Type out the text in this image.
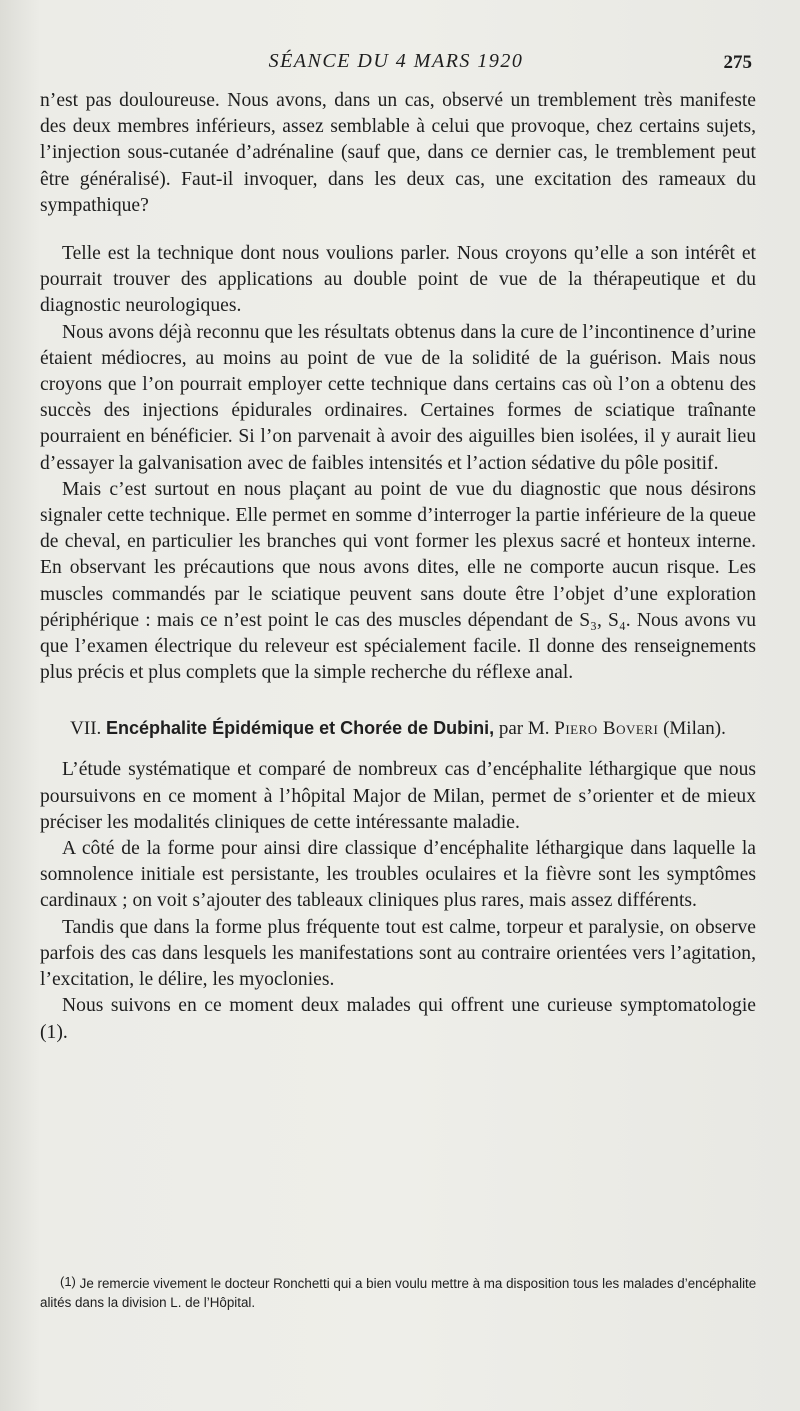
SÉANCE DU 4 MARS 1920	275

n’est pas douloureuse. Nous avons, dans un cas, observé un tremblement très manifeste des deux membres inférieurs, assez semblable à celui que provoque, chez certains sujets, l’injection sous-cutanée d’adrénaline (sauf que, dans ce dernier cas, le tremblement peut être généralisé). Faut-il invoquer, dans les deux cas, une excitation des rameaux du sympathique?

Telle est la technique dont nous voulions parler. Nous croyons qu’elle a son intérêt et pourrait trouver des applications au double point de vue de la thérapeutique et du diagnostic neurologiques.

Nous avons déjà reconnu que les résultats obtenus dans la cure de l’incontinence d’urine étaient médiocres, au moins au point de vue de la solidité de la guérison. Mais nous croyons que l’on pourrait employer cette technique dans certains cas où l’on a obtenu des succès des injections épidurales ordinaires. Certaines formes de sciatique traînante pourraient en bénéficier. Si l’on parvenait à avoir des aiguilles bien isolées, il y aurait lieu d’essayer la galvanisation avec de faibles intensités et l’action sédative du pôle positif.

Mais c’est surtout en nous plaçant au point de vue du diagnostic que nous désirons signaler cette technique. Elle permet en somme d’interroger la partie inférieure de la queue de cheval, en particulier les branches qui vont former les plexus sacré et honteux interne. En observant les précautions que nous avons dites, elle ne comporte aucun risque. Les muscles commandés par le sciatique peuvent sans doute être l’objet d’une exploration périphérique : mais ce n’est point le cas des muscles dépendant de S₃, S₄. Nous avons vu que l’examen électrique du releveur est spécialement facile. Il donne des renseignements plus précis et plus complets que la simple recherche du réflexe anal.

VII. Encéphalite Épidémique et Chorée de Dubini, par M. Piero Boveri (Milan).

L’étude systématique et comparé de nombreux cas d’encéphalite léthargique que nous poursuivons en ce moment à l’hôpital Major de Milan, permet de s’orienter et de mieux préciser les modalités cliniques de cette intéressante maladie.

A côté de la forme pour ainsi dire classique d’encéphalite léthargique dans laquelle la somnolence initiale est persistante, les troubles oculaires et la fièvre sont les symptômes cardinaux ; on voit s’ajouter des tableaux cliniques plus rares, mais assez différents.

Tandis que dans la forme plus fréquente tout est calme, torpeur et paralysie, on observe parfois des cas dans lesquels les manifestations sont au contraire orientées vers l’agitation, l’excitation, le délire, les myoclonies.

Nous suivons en ce moment deux malades qui offrent une curieuse symptomatologie (1).

(1) Je remercie vivement le docteur Ronchetti qui a bien voulu mettre à ma disposition tous les malades d’encéphalite alités dans la division L. de l’Hôpital.
